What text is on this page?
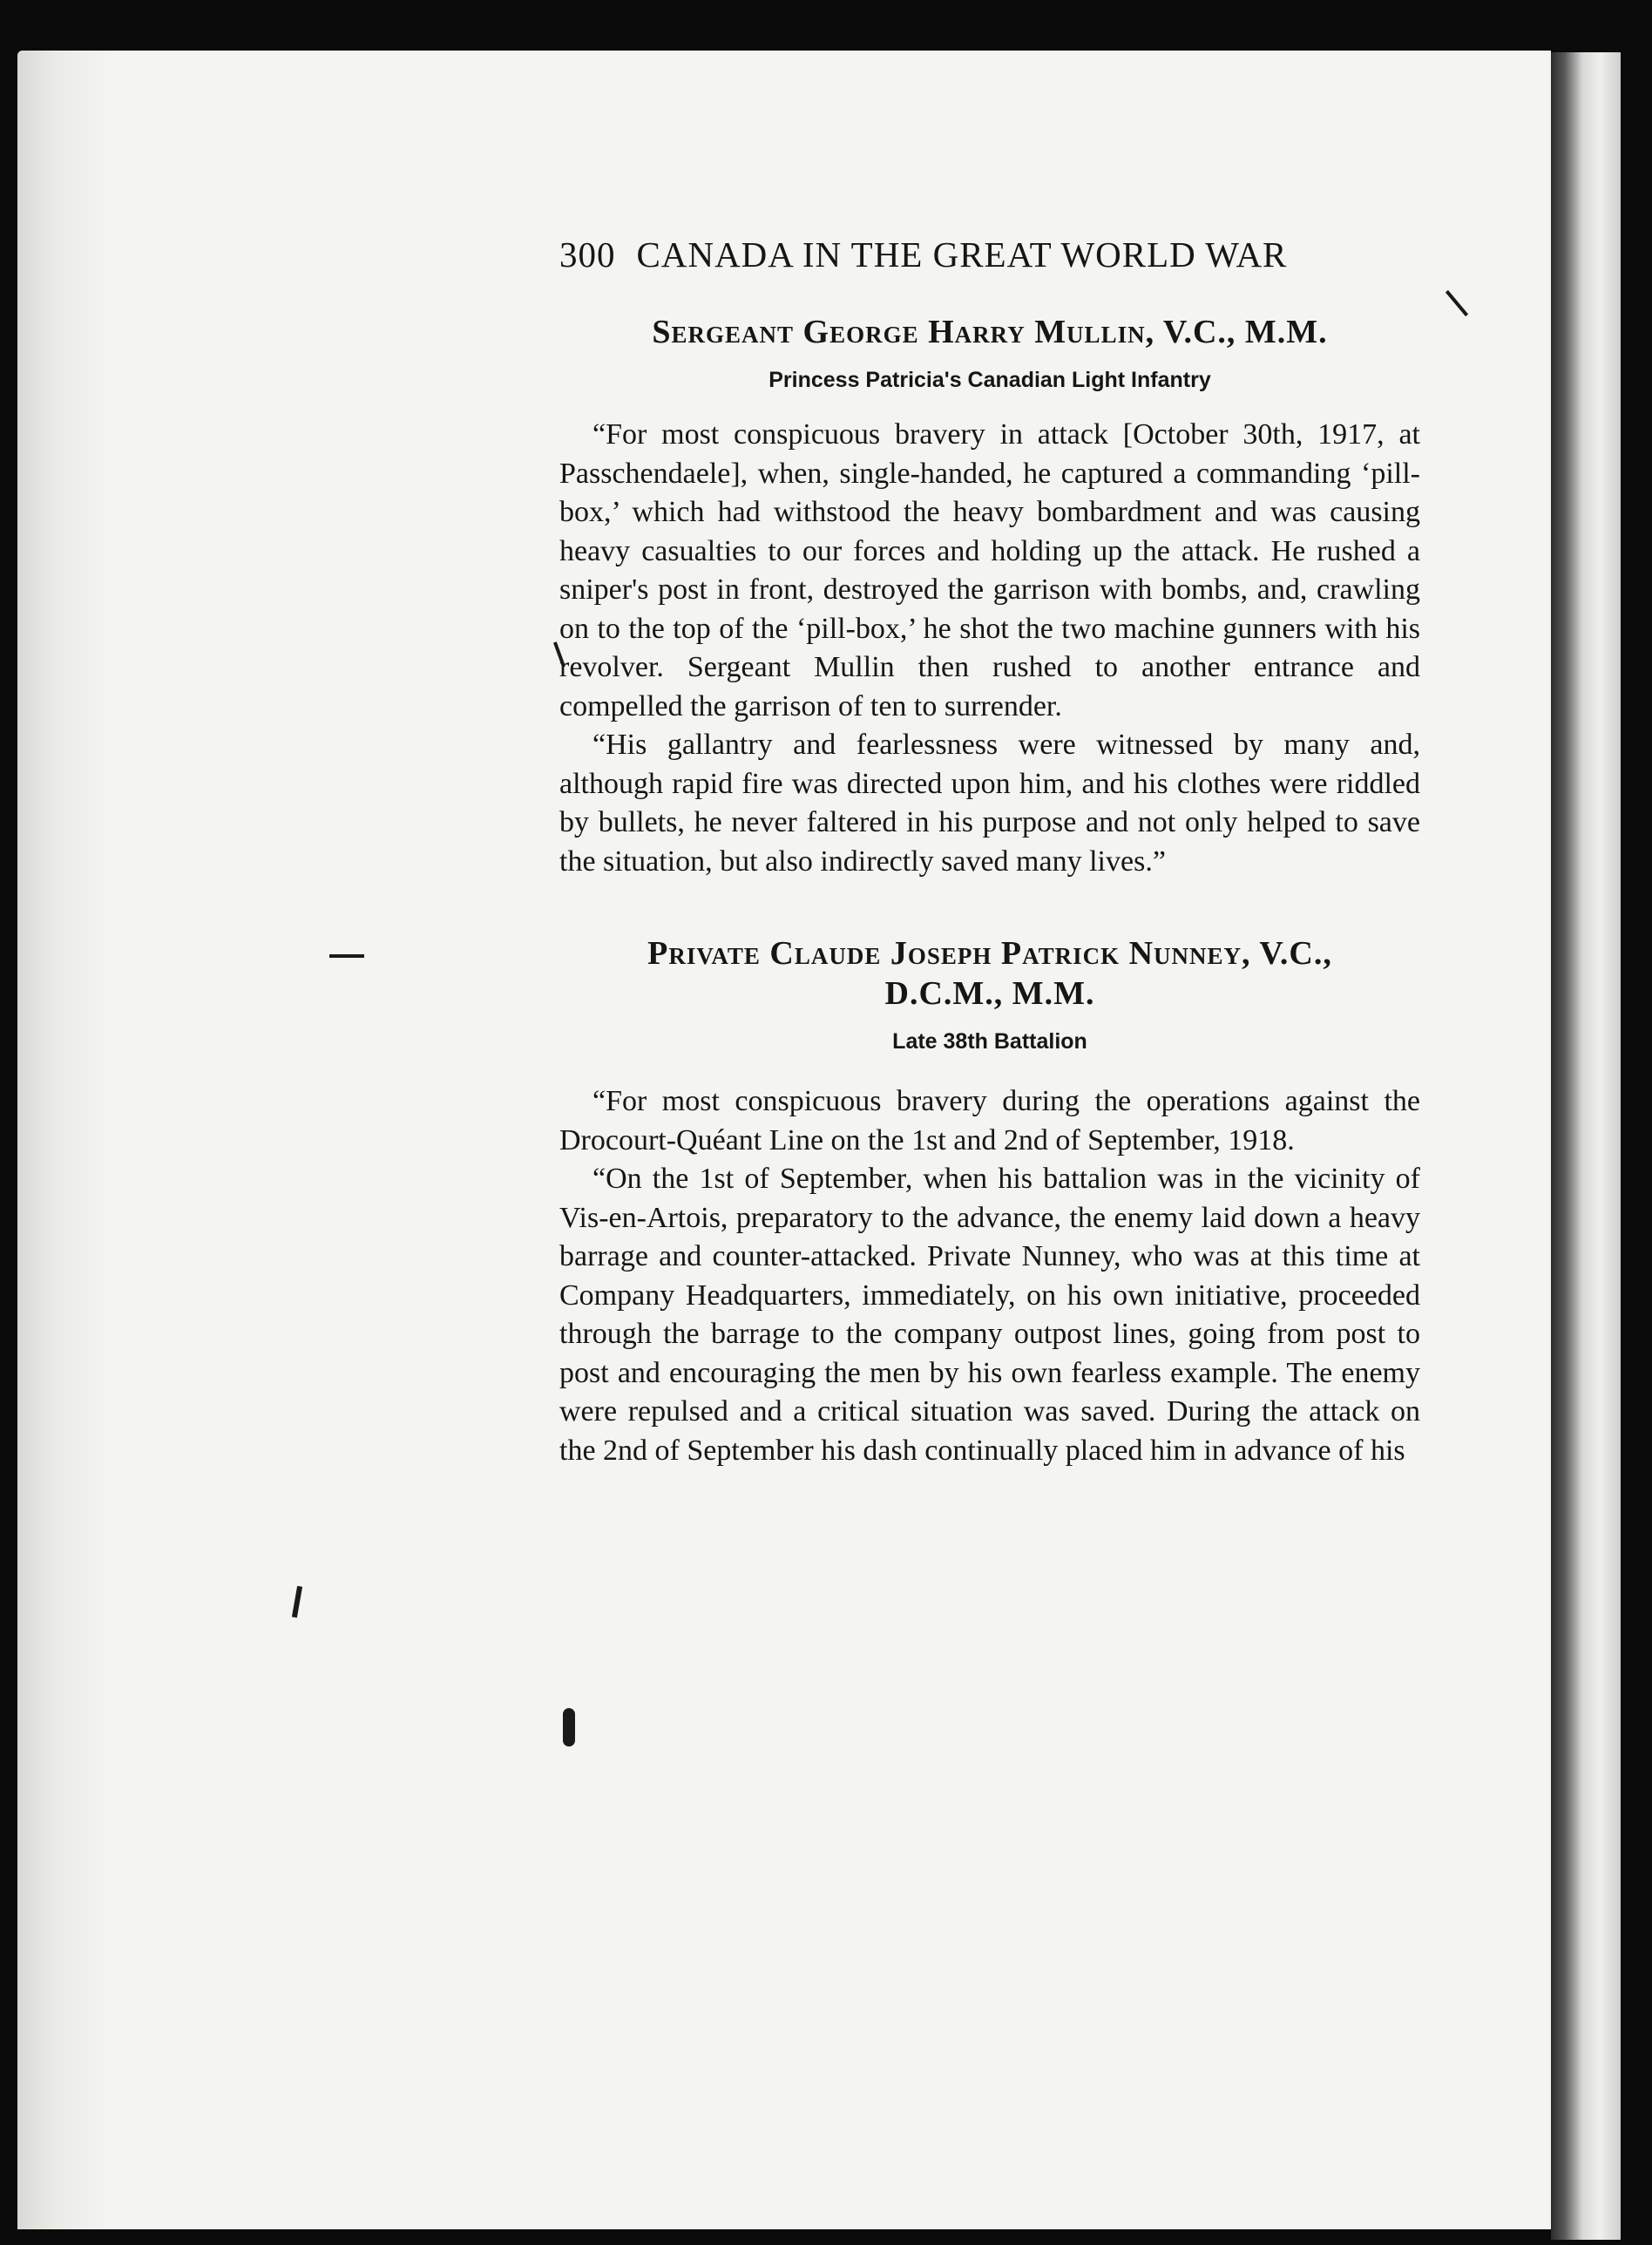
300 CANADA IN THE GREAT WORLD WAR
Sergeant George Harry Mullin, V.C., M.M.
Princess Patricia's Canadian Light Infantry

“For most conspicuous bravery in attack [October 30th, 1917, at Passchendaele], when, single-handed, he captured a commanding ‘pill-box,’ which had withstood the heavy bombardment and was causing heavy casualties to our forces and holding up the attack. He rushed a sniper's post in front, destroyed the garrison with bombs, and, crawling on to the top of the ‘pill-box,’ he shot the two machine gunners with his revolver. Sergeant Mullin then rushed to another entrance and compelled the garrison of ten to surrender.

“His gallantry and fearlessness were witnessed by many and, although rapid fire was directed upon him, and his clothes were riddled by bullets, he never faltered in his purpose and not only helped to save the situation, but also indirectly saved many lives.”

Private Claude Joseph Patrick Nunney, V.C., D.C.M., M.M.
Late 38th Battalion

“For most conspicuous bravery during the operations against the Drocourt-Quéant Line on the 1st and 2nd of September, 1918.

“On the 1st of September, when his battalion was in the vicinity of Vis-en-Artois, preparatory to the advance, the enemy laid down a heavy barrage and counter-attacked. Private Nunney, who was at this time at Company Headquarters, immediately, on his own initiative, proceeded through the barrage to the company outpost lines, going from post to post and encouraging the men by his own fearless example. The enemy were repulsed and a critical situation was saved. During the attack on the 2nd of September his dash continually placed him in advance of his
